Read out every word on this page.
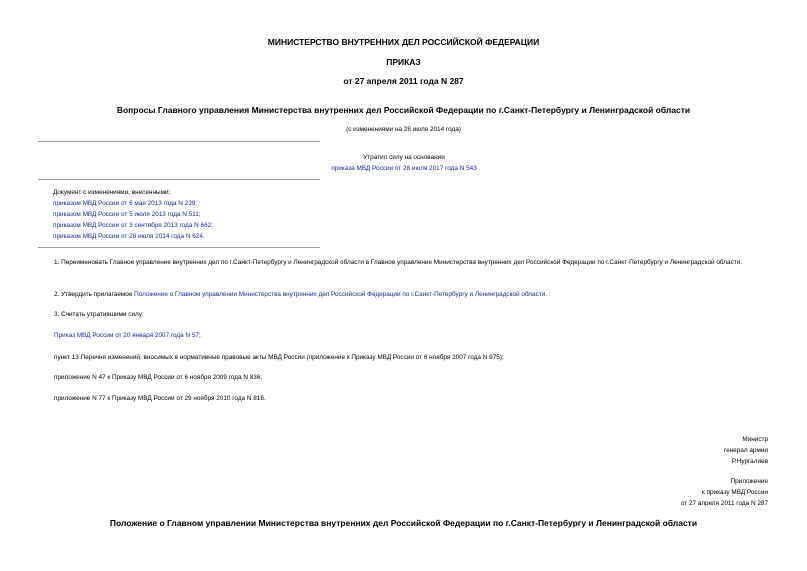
МИНИСТЕРСТВО ВНУТРЕННИХ ДЕЛ РОССИЙСКОЙ ФЕДЕРАЦИИ
ПРИКАЗ
от 27 апреля 2011 года N 287
Вопросы Главного управления Министерства внутренних дел Российской Федерации по г.Санкт-Петербургу и Ленинградской области
(с изменениями на 28 июля 2014 года)
Утратил силу на основании
приказа МВД России от 28 июля 2017 года N 543
Документ с изменениями, внесенными:
приказом МВД России от 6 мая 2013 года N 239;
приказом МВД России от 5 июля 2013 года N 511;
приказом МВД России от 3 сентября 2013 года N 662;
приказом МВД России от 28 июля 2014 года N 624.
1. Переименовать Главное управление внутренних дел по г.Санкт-Петербургу и Ленинградской области в Главное управление Министерства внутренних дел Российской Федерации по г.Санкт-Петербургу и Ленинградской области.
2. Утвердить прилагаемое Положение о Главном управлении Министерства внутренних дел Российской Федерации по г.Санкт-Петербургу и Ленинградской области.
3. Считать утратившими силу:
Приказ МВД России от 20 января 2007 года N 57;
пункт 13 Перечня изменений, вносимых в нормативные правовые акты МВД России (приложение к Приказу МВД России от 6 ноября 2007 года N 975);
приложение N 47 к Приказу МВД России от 6 ноября 2009 года N 836;
приложение N 77 к Приказу МВД России от 29 ноября 2010 года N 816.
Министр
генерал армии
Р.Нургалиев
Приложение
к приказу МВД России
от 27 апреля 2011 года N 287
Положение о Главном управлении Министерства внутренних дел Российской Федерации по г.Санкт-Петербургу и Ленинградской области
